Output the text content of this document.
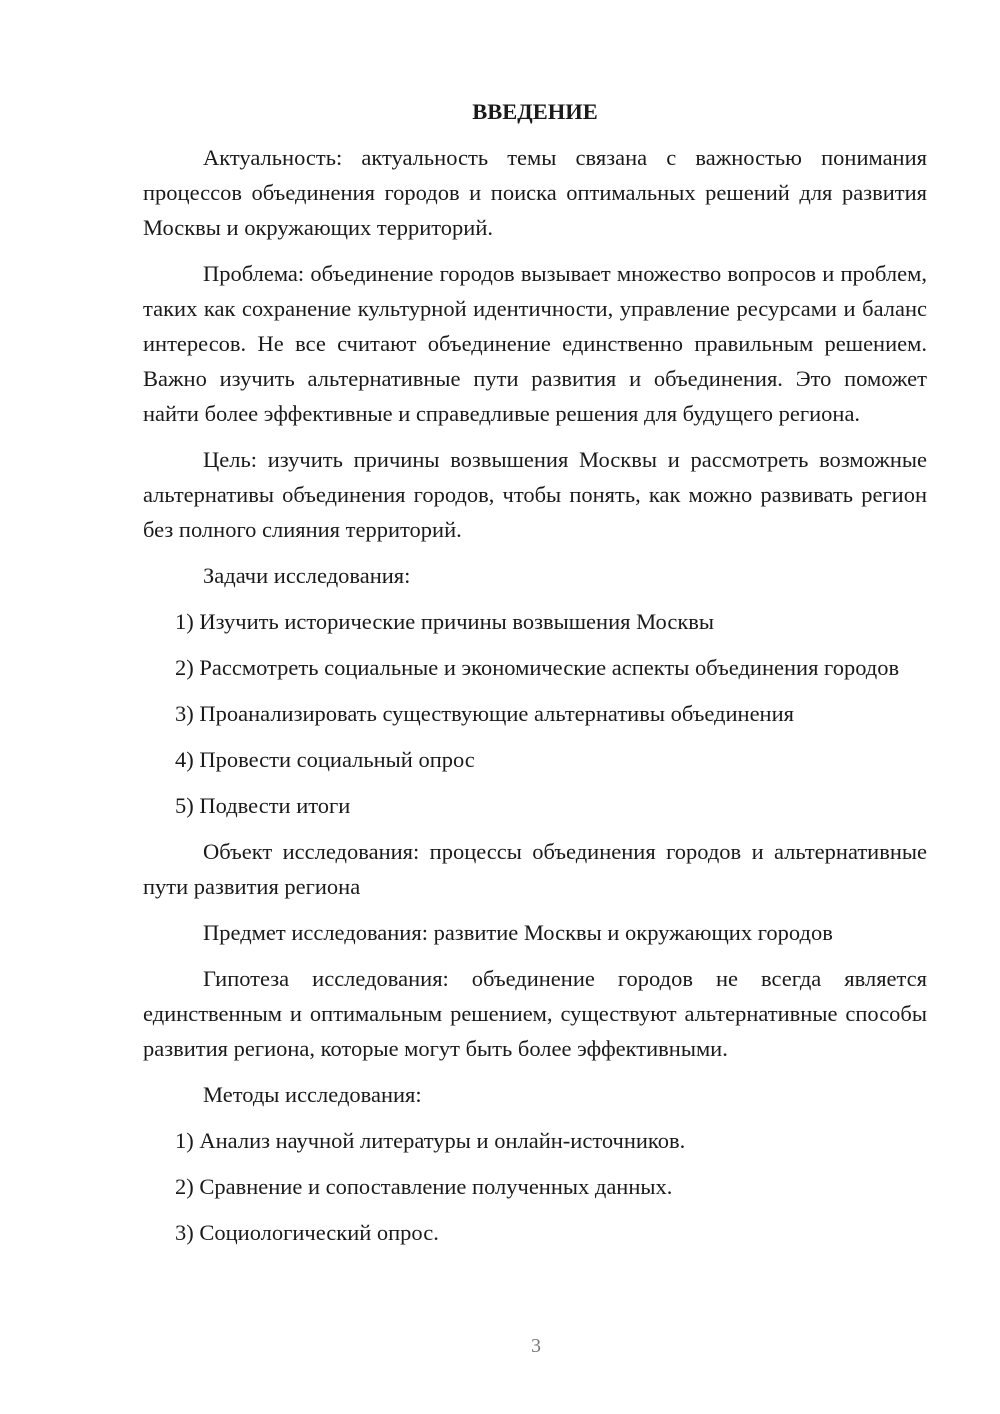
ВВЕДЕНИЕ

Актуальность: актуальность темы связана с важностью понимания процессов объединения городов и поиска оптимальных решений для развития Москвы и окружающих территорий.

Проблема: объединение городов вызывает множество вопросов и проблем, таких как сохранение культурной идентичности, управление ресурсами и баланс интересов. Не все считают объединение единственно правильным решением. Важно изучить альтернативные пути развития и объединения. Это поможет найти более эффективные и справедливые решения для будущего региона.

Цель: изучить причины возвышения Москвы и рассмотреть возможные альтернативы объединения городов, чтобы понять, как можно развивать регион без полного слияния территорий.

Задачи исследования:

1) Изучить исторические причины возвышения Москвы

2) Рассмотреть социальные и экономические аспекты объединения городов

3) Проанализировать существующие альтернативы объединения

4) Провести социальный опрос

5) Подвести итоги

Объект исследования: процессы объединения городов и альтернативные пути развития региона

Предмет исследования: развитие Москвы и окружающих городов

Гипотеза исследования: объединение городов не всегда является единственным и оптимальным решением, существуют альтернативные способы развития региона, которые могут быть более эффективными.

Методы исследования:

1) Анализ научной литературы и онлайн-источников.

2) Сравнение и сопоставление полученных данных.

3) Социологический опрос.

3
